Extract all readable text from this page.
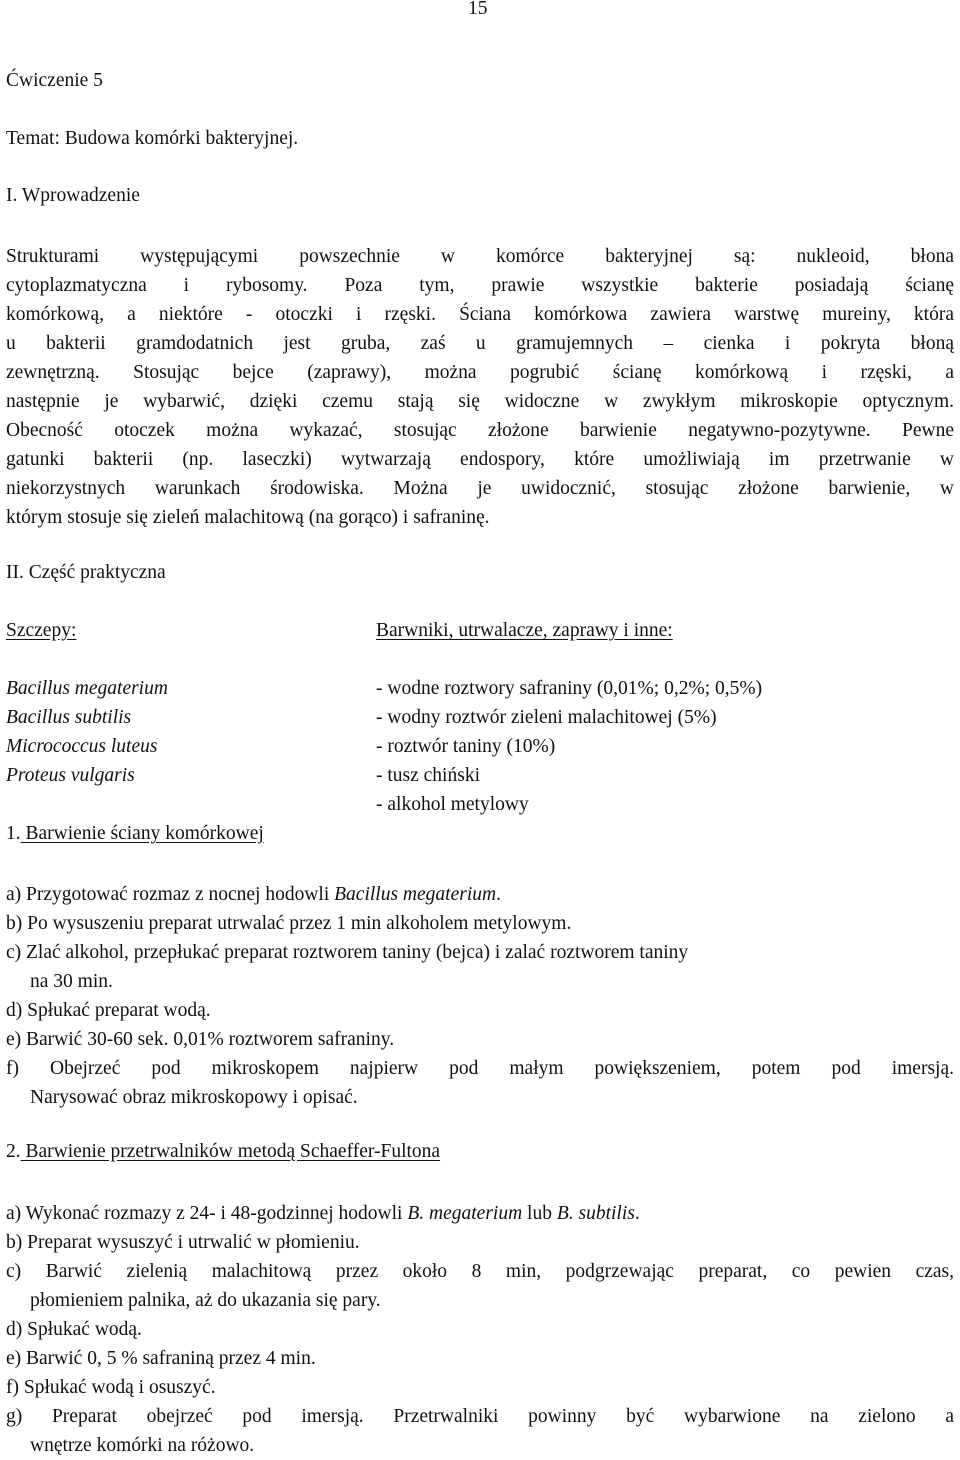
15
Ćwiczenie 5
Temat: Budowa komórki bakteryjnej.
I. Wprowadzenie
Strukturami występującymi powszechnie w komórce bakteryjnej są: nukleoid, błona
cytoplazmatyczna i rybosomy. Poza tym, prawie wszystkie bakterie posiadają ścianę
komórkową, a niektóre - otoczki i rzęski. Ściana komórkowa zawiera warstwę mureiny, która
u bakterii gramdodatnich jest gruba, zaś u gramujemnych – cienka i pokryta błoną
zewnętrzną. Stosując bejce (zaprawy), można pogrubić ścianę komórkową i rzęski, a
następnie je wybarwić, dzięki czemu stają się widoczne w zwykłym mikroskopie optycznym.
Obecność otoczek można wykazać, stosując złożone barwienie negatywno-pozytywne. Pewne
gatunki bakterii (np. laseczki) wytwarzają endospory, które umożliwiają im przetrwanie w
niekorzystnych warunkach środowiska. Można je uwidocznić, stosując złożone barwienie, w
którym stosuje się zieleń malachitową (na gorąco) i safraninę.
II. Część praktyczna
Szczepy:	Barwniki, utrwalacze, zaprawy i inne:
Bacillus megaterium
Bacillus subtilis
Micrococcus luteus
Proteus vulgaris
- wodne roztwory safraniny (0,01%; 0,2%; 0,5%)
- wodny roztwór zieleni malachitowej (5%)
- roztwór taniny (10%)
- tusz chiński
- alkohol metylowy
1. Barwienie ściany komórkowej
a) Przygotować rozmaz z nocnej hodowli Bacillus megaterium.
b) Po wysuszeniu preparat utrwalać przez 1 min alkoholem metylowym.
c) Zlać alkohol, przepłukać preparat roztworem taniny (bejca) i zalać roztworem taniny
na 30 min.
d) Spłukać preparat wodą.
e) Barwić 30-60 sek. 0,01% roztworem safraniny.
f) Obejrzeć pod mikroskopem najpierw pod małym powiększeniem, potem pod imersją.
Narysować obraz mikroskopowy i opisać.
2. Barwienie przetrwalników metodą Schaeffer-Fultona
a) Wykonać rozmazy z 24- i 48-godzinnej hodowli B. megaterium lub B. subtilis.
b) Preparat wysuszyć i utrwalić w płomieniu.
c) Barwić zielenią malachitową przez około 8 min, podgrzewając preparat, co pewien czas,
płomieniem palnika, aż do ukazania się pary.
d) Spłukać wodą.
e) Barwić 0, 5 % safraniną przez 4 min.
f) Spłukać wodą i osuszyć.
g) Preparat obejrzeć pod imersją. Przetrwalniki powinny być wybarwione na zielono a
wnętrze komórki na różowo.
